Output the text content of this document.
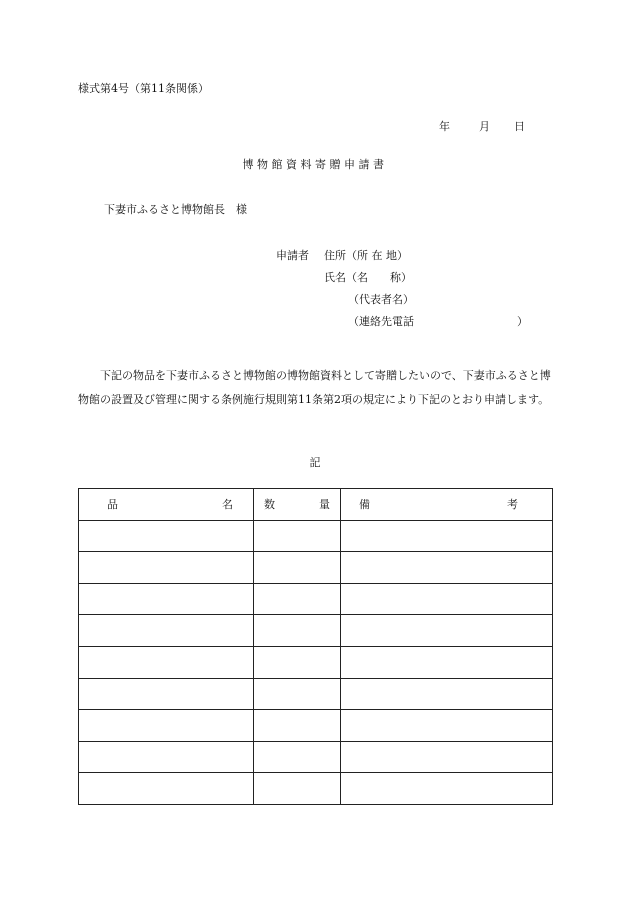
様式第4号（第11条関係）
年	月 日
博物館資料寄贈申請書
下妻市ふるさと博物館長　様
申請者 住所（所 在 地）
氏名（名　　称）
（代表者名）
（連絡先電話	）
下記の物品を下妻市ふるさと博物館の博物館資料として寄贈したいので、下妻市ふるさと博物館の設置及び管理に関する条例施行規則第11条第2項の規定により下記のとおり申請します。
記
品 名	数 量	備 考
